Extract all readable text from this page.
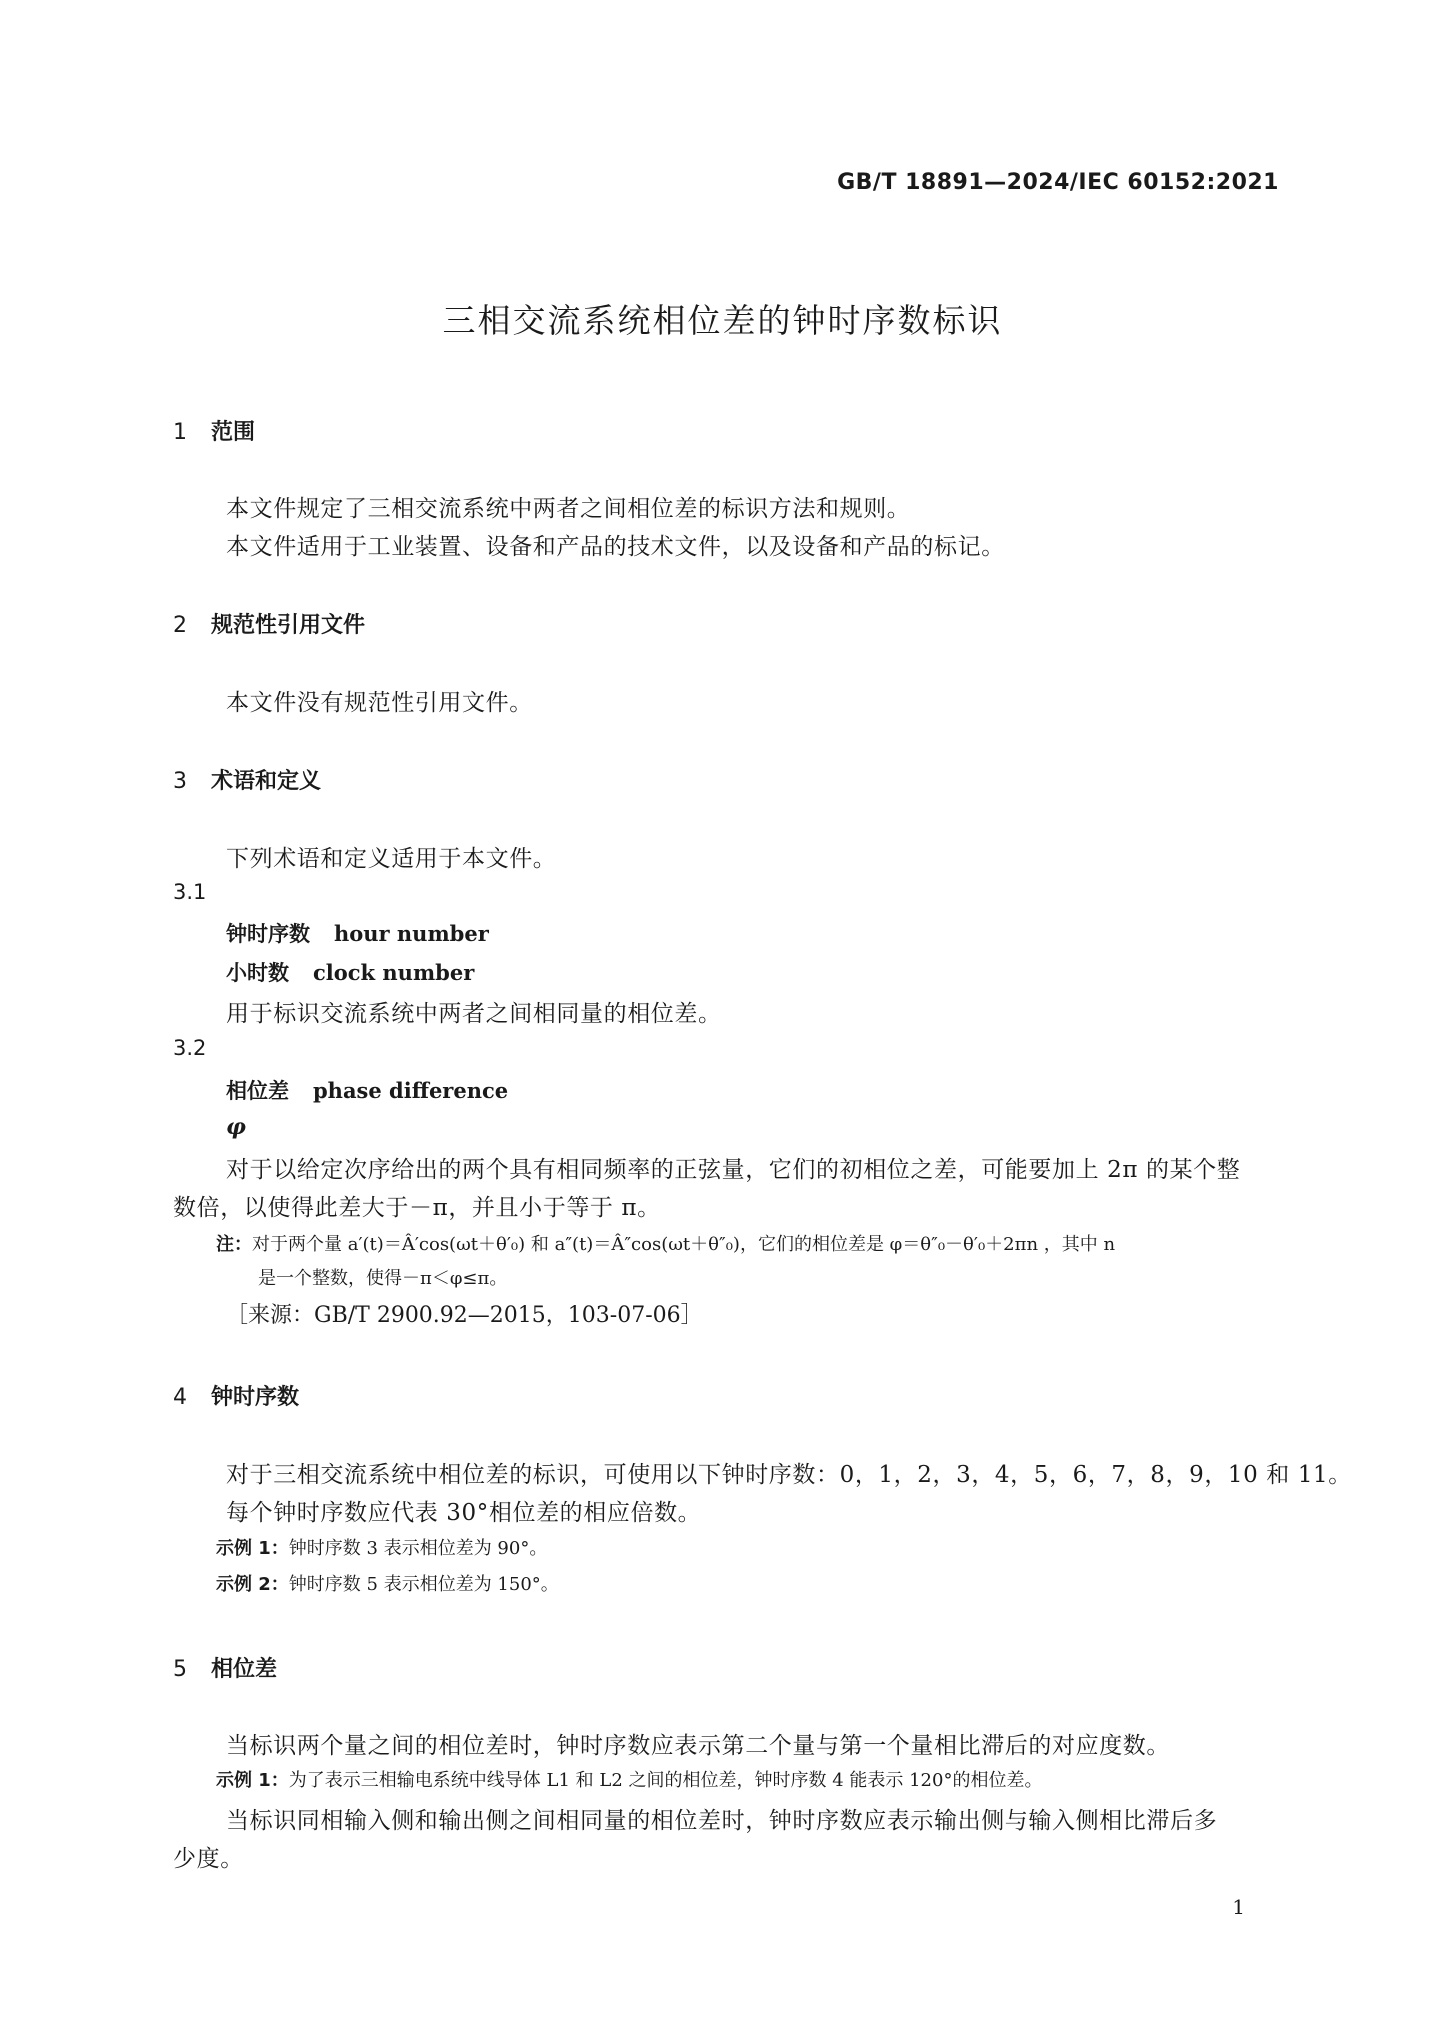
GB/T 18891—2024/IEC 60152:2021
三相交流系统相位差的钟时序数标识
1 范围
本文件规定了三相交流系统中两者之间相位差的标识方法和规则。
本文件适用于工业装置、设备和产品的技术文件，以及设备和产品的标记。
2 规范性引用文件
本文件没有规范性引用文件。
3 术语和定义
下列术语和定义适用于本文件。
3.1
钟时序数 hour number
小时数 clock number
用于标识交流系统中两者之间相同量的相位差。
3.2
相位差 phase difference
φ
对于以给定次序给出的两个具有相同频率的正弦量，它们的初相位之差，可能要加上 2π 的某个整
数倍，以使得此差大于－π，并且小于等于 π。
注：对于两个量 a′(t)＝Â′cos(ωt＋θ′₀) 和 a″(t)＝Â″cos(ωt＋θ″₀)，它们的相位差是 φ＝θ″₀－θ′₀＋2πn ，其中 n
是一个整数，使得－π＜φ≤π。
［来源：GB/T 2900.92—2015，103-07-06］
4 钟时序数
对于三相交流系统中相位差的标识，可使用以下钟时序数：0，1，2，3，4，5，6，7，8，9，10 和 11。
每个钟时序数应代表 30°相位差的相应倍数。
示例 1：钟时序数 3 表示相位差为 90°。
示例 2：钟时序数 5 表示相位差为 150°。
5 相位差
当标识两个量之间的相位差时，钟时序数应表示第二个量与第一个量相比滞后的对应度数。
示例 1：为了表示三相输电系统中线导体 L1 和 L2 之间的相位差，钟时序数 4 能表示 120°的相位差。
当标识同相输入侧和输出侧之间相同量的相位差时，钟时序数应表示输出侧与输入侧相比滞后多
少度。
1
